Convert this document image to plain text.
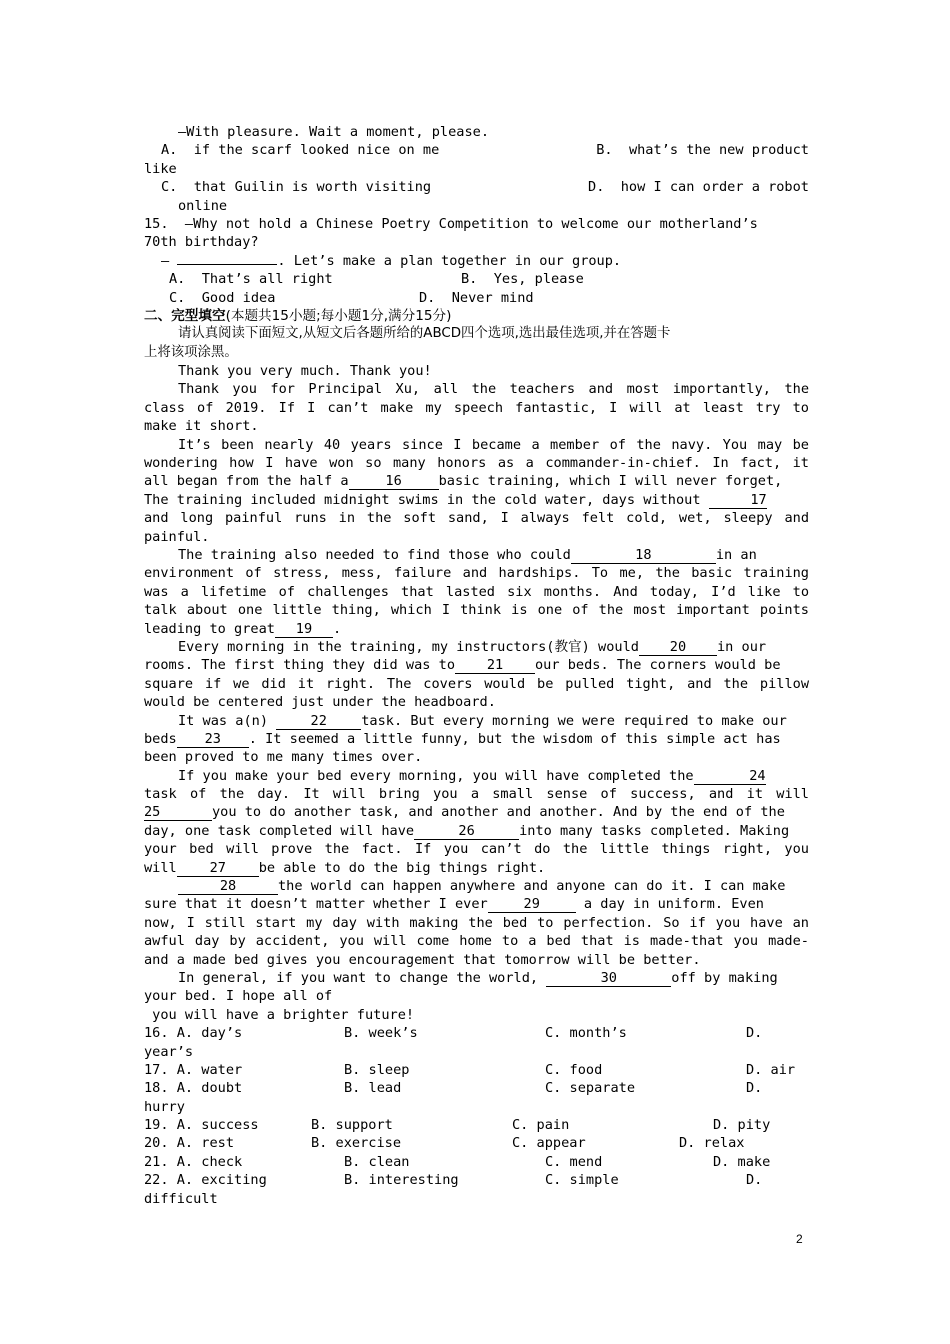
—With pleasure. Wait a moment, please.
A.  if the scarf looked nice on me	B.  what’s the new product
like
C.  that Guilin is worth visiting	D.  how I can order a robot
online
15.  —Why not hold a Chinese Poetry Competition to welcome our motherland’s
70th birthday?
—	. Let’s make a plan together in our group.

A.  That’s all right

	B.  Yes, please

C.  Good idea

	D.  Never mind

二、完型填空(本题共15小题;每小题1分,满分15分)
请认真阅读下面短文,从短文后各题所给的ABCD四个选项,选出最佳选项,并在答题卡
上将该项涂黑。
Thank you very much. Thank you!
Thank you for Principal Xu, all the teachers and most importantly, the
class of 2019. If I can’t make my speech fantastic, I will at least try to
make it short.
It’s been nearly 40 years since I became a member of the navy. You may be
wondering how I have won so many honors as a commander-in-chief. In fact, it
all began from the half a	16	basic training, which I will never forget,
The training included midnight swims in the cold water, days without	17
and long painful runs in the soft sand, I always felt cold, wet, sleepy and
painful.
The training also needed to find those who could	18	in an
environment of stress, mess, failure and hardships. To me, the basic training
was a lifetime of challenges that lasted six months. And today, I’d like to
talk about one little thing, which I think is one of the most important points
leading to great 19 .
Every morning in the training, my instructors(教官) would 20 in our
rooms. The first thing they did was to 21 our beds. The corners would be
square if we did it right. The covers would be pulled tight, and the pillow
would be centered just under the headboard.
It was a(n)	22	task. But every morning we were required to make our
beds 23 . It seemed a little funny, but the wisdom of this simple act has
been proved to me many times over.
If you make your bed every morning, you will have completed the	24
task of the day. It will bring you a small sense of success, and it will
25	you to do another task, and another and another. And by the end of the
day, one task completed will have	26	into many tasks completed. Making
your bed will prove the fact. If you can’t do the little things right, you
will 27 be able to do the big things right.
28	the world can happen anywhere and anyone can do it. I can make
sure that it doesn’t matter whether I ever	29	a day in uniform. Even
now, I still start my day with making the bed to perfection. So if you have an
awful day by accident, you will come home to a bed that is made-that you made-
and a made bed gives you encouragement that tomorrow will be better.
In general, if you want to change the world,	30	off by making
your bed. I hope all of
you will have a brighter future!

16. A. day’s

	B. week’s

	C. month’s

	D.

year’s

17. A. water

	B. sleep

	C. food

	D. air

18. A. doubt

	B. lead

	C. separate

	D.

hurry

19. A. success

	B. support

	C. pain

	D. pity

20. A. rest

	B. exercise

	C. appear

	D. relax

21. A. check

	B. clean

	C. mend

	D. make

22. A. exciting

	B. interesting

	C. simple

	D.

difficult
2
